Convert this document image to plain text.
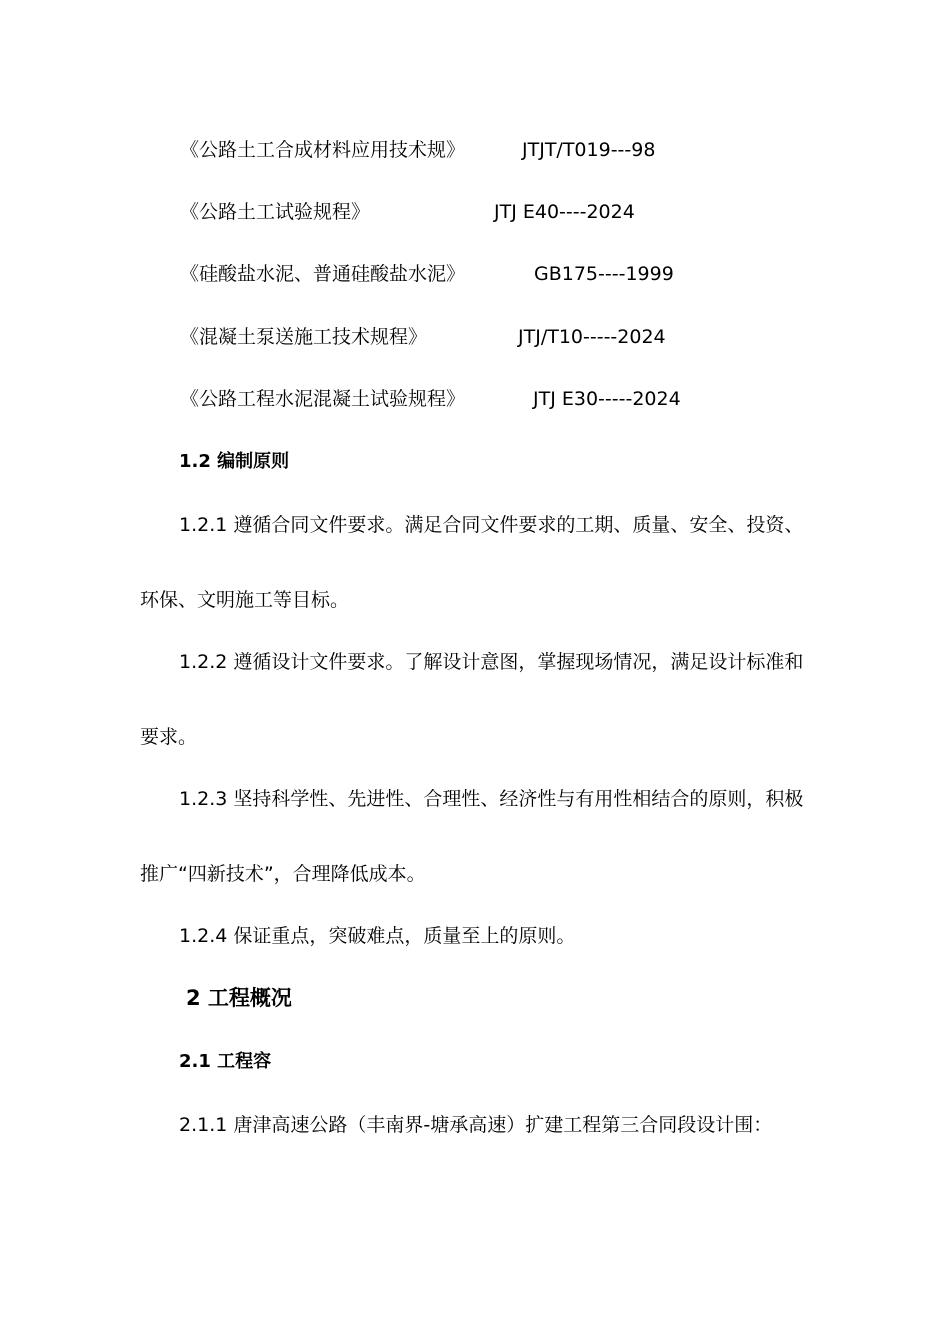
《公路土工合成材料应用技术规》	JTJT/T019---98
《公路土工试验规程》	JTJ E40----2024
《硅酸盐水泥、普通硅酸盐水泥》	GB175----1999
《混凝土泵送施工技术规程》	JTJ/T10-----2024
《公路工程水泥混凝土试验规程》	JTJ E30-----2024
1.2 编制原则
1.2.1 遵循合同文件要求。满足合同文件要求的工期、质量、安全、投资、
环保、文明施工等目标。
1.2.2 遵循设计文件要求。了解设计意图，掌握现场情况，满足设计标准和
要求。
1.2.3 坚持科学性、先进性、合理性、经济性与有用性相结合的原则，积极
推广“四新技术”，合理降低成本。
1.2.4 保证重点，突破难点，质量至上的原则。
2 工程概况
2.1 工程容
2.1.1 唐津高速公路（丰南界-塘承高速）扩建工程第三合同段设计围：
